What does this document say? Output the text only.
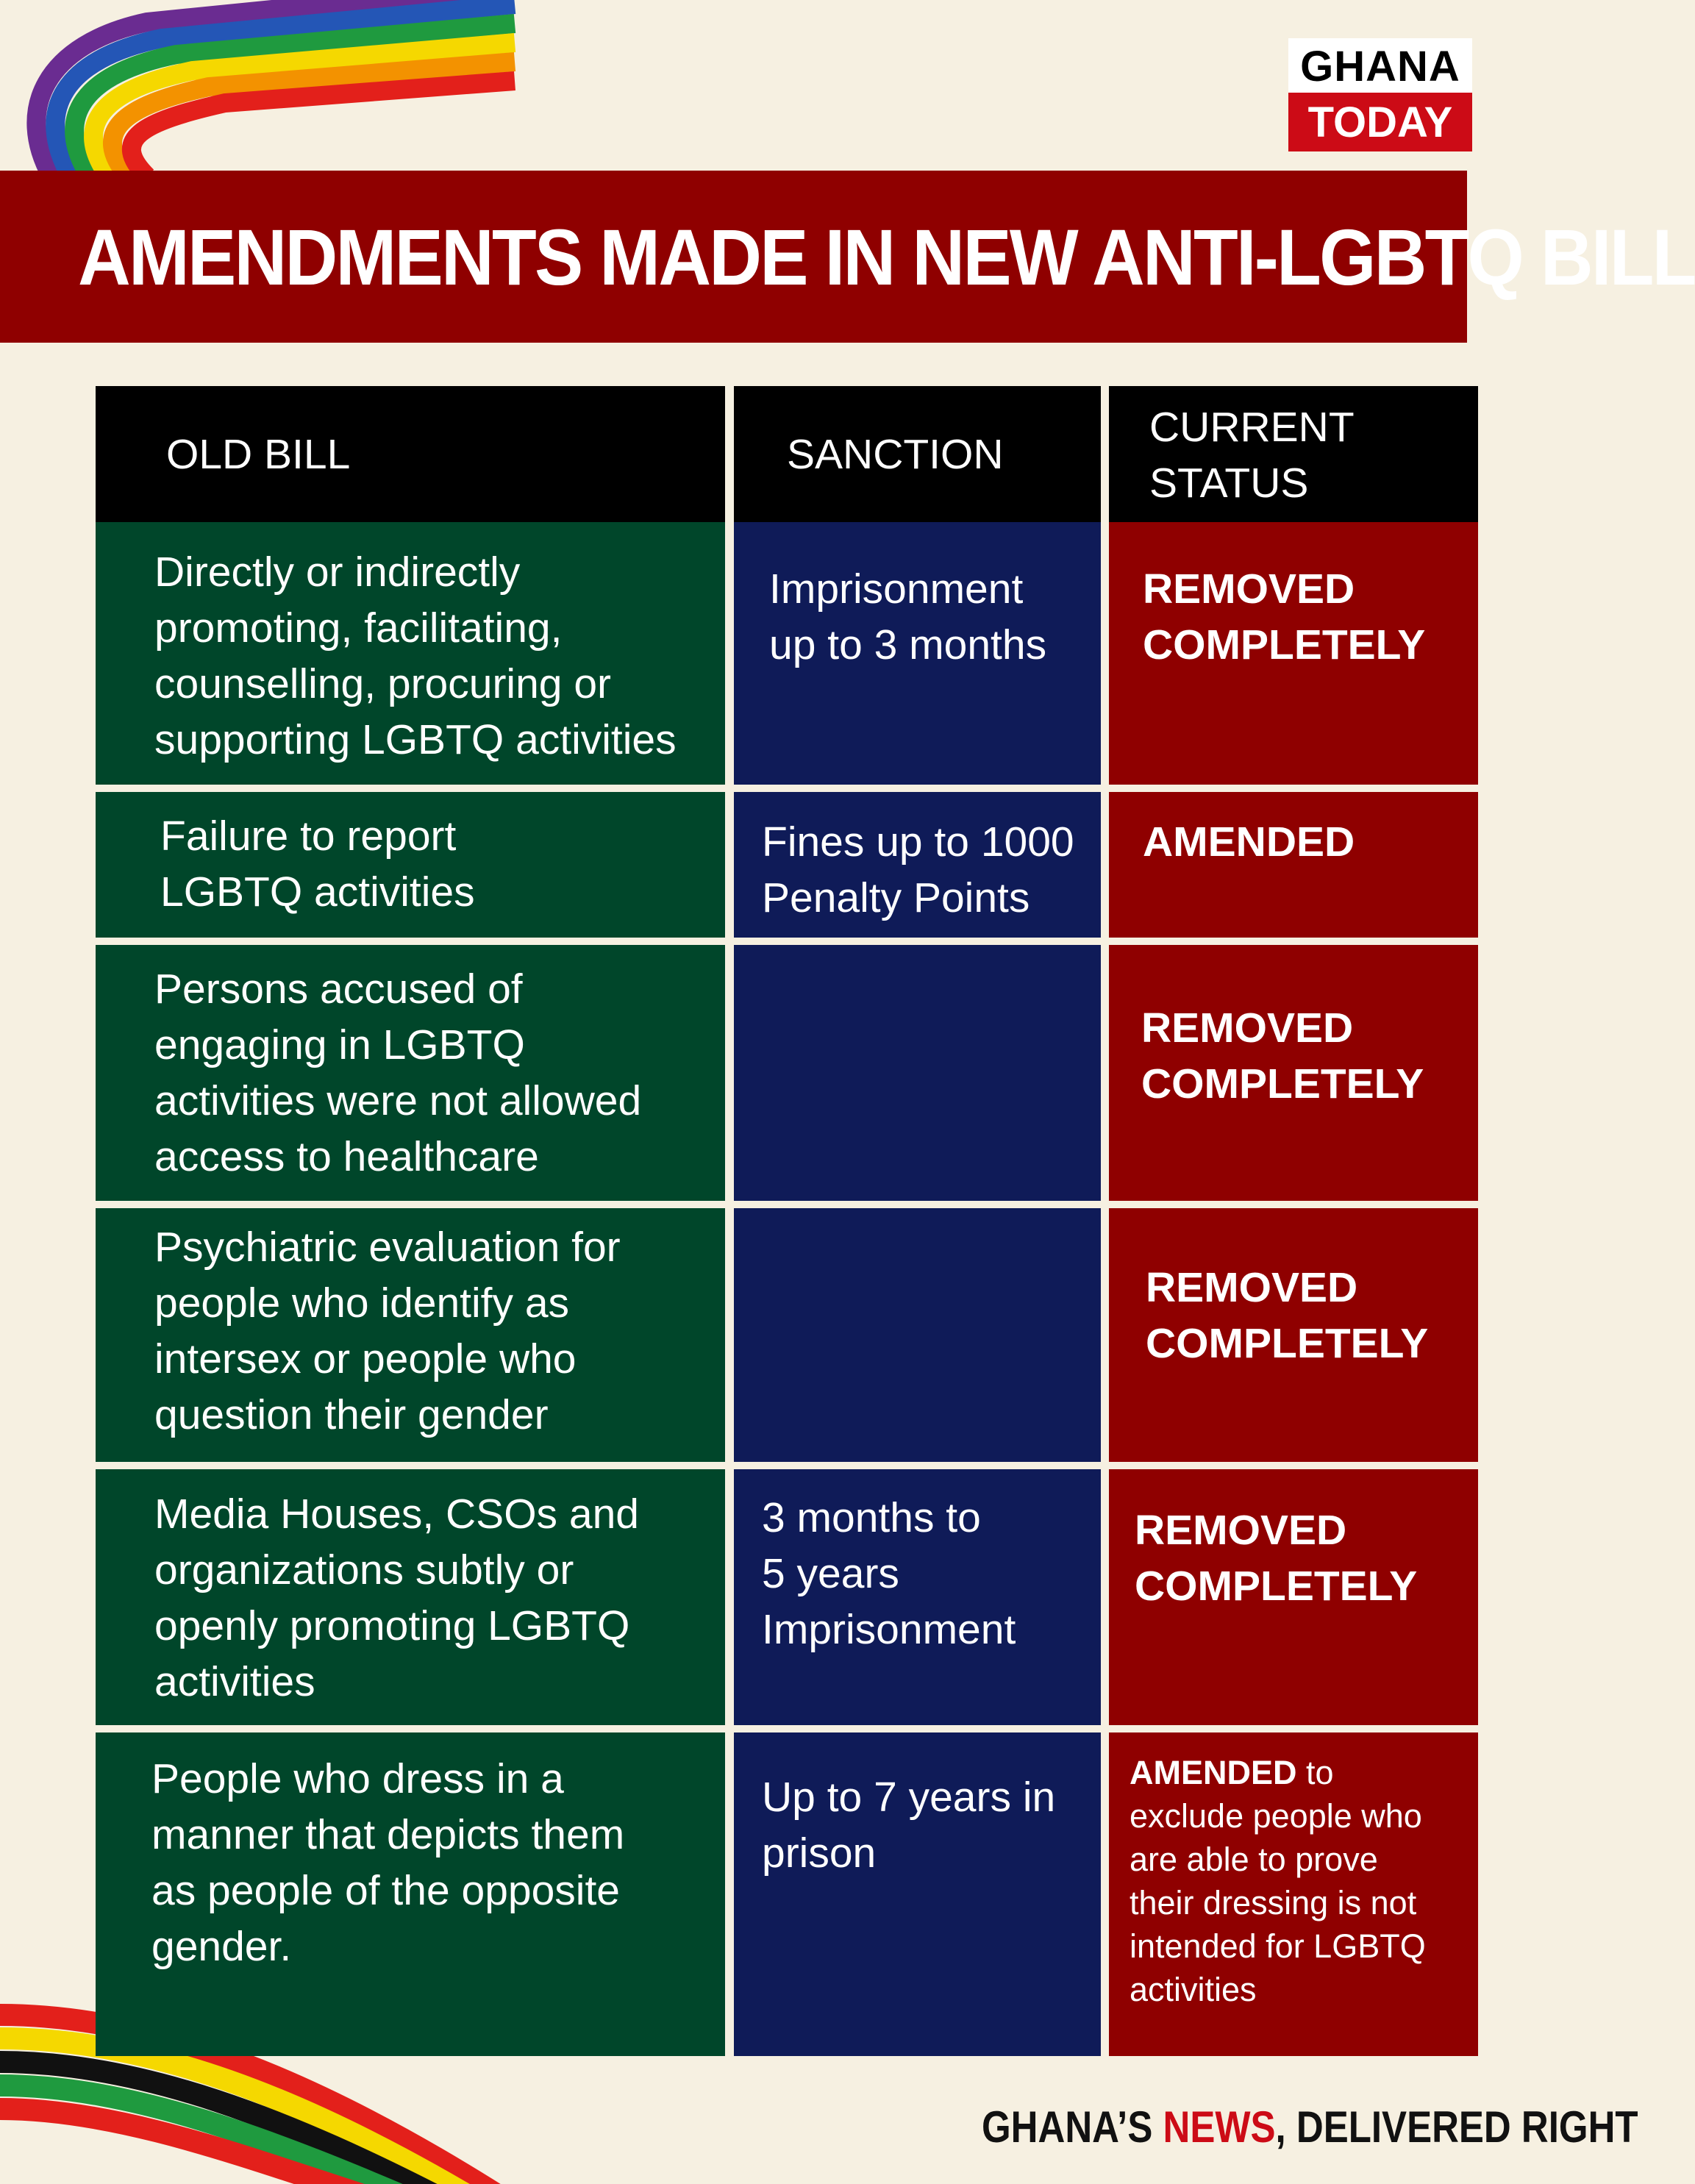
GHANA
TODAY
AMENDMENTS MADE IN NEW ANTI-LGBTQ BILL
OLD BILL	SANCTION
CURRENT
STATUS
Directly or indirectly
promoting, facilitating,
counselling, procuring or
supporting LGBTQ activities
Imprisonment
up to 3 months
REMOVED
COMPLETELY
Failure to report
LGBTQ activities
Fines up to 1000
Penalty Points
AMENDED
Persons accused of
engaging in LGBTQ
activities were not allowed
access to healthcare
REMOVED
COMPLETELY
Psychiatric evaluation for
people who identify as
intersex or people who
question their gender
REMOVED
COMPLETELY
Media Houses, CSOs and
organizations subtly or
openly promoting LGBTQ
activities
3 months to
5 years
Imprisonment
REMOVED
COMPLETELY
People who dress in a
manner that depicts them
as people of the opposite
gender.
Up to 7 years in
prison
AMENDED to
exclude people who
are able to prove
their dressing is not
intended for LGBTQ
activities
GHANA’S NEWS, DELIVERED RIGHT
